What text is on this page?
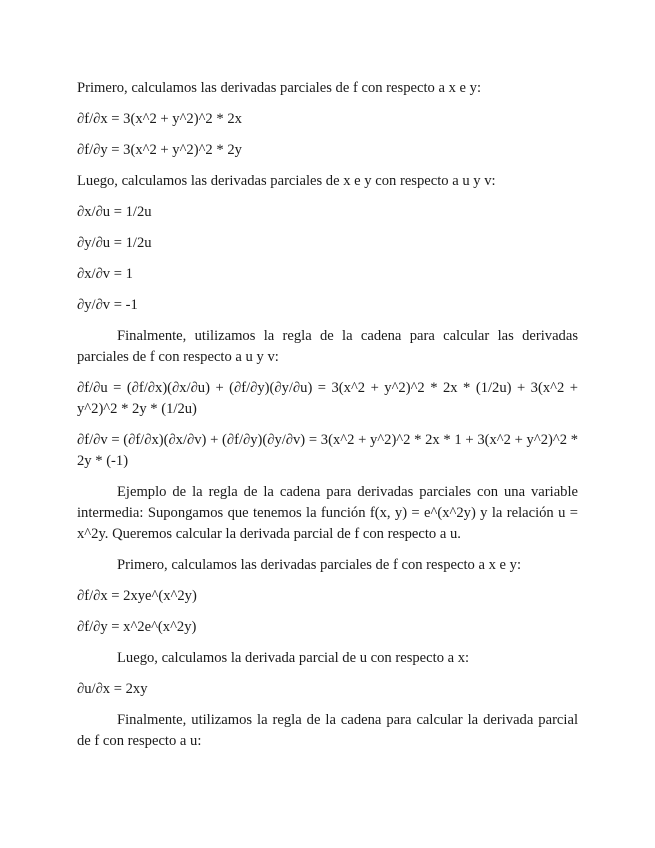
Primero, calculamos las derivadas parciales de f con respecto a x e y:

∂f/∂x = 3(x^2 + y^2)^2 * 2x

∂f/∂y = 3(x^2 + y^2)^2 * 2y

Luego, calculamos las derivadas parciales de x e y con respecto a u y v:

∂x/∂u = 1/2u

∂y/∂u = 1/2u

∂x/∂v = 1

∂y/∂v = -1

Finalmente, utilizamos la regla de la cadena para calcular las derivadas parciales de f con respecto a u y v:

∂f/∂u = (∂f/∂x)(∂x/∂u) + (∂f/∂y)(∂y/∂u) = 3(x^2 + y^2)^2 * 2x * (1/2u) + 3(x^2 + y^2)^2 * 2y * (1/2u)

∂f/∂v = (∂f/∂x)(∂x/∂v) + (∂f/∂y)(∂y/∂v) = 3(x^2 + y^2)^2 * 2x * 1 + 3(x^2 + y^2)^2 * 2y * (-1)

Ejemplo de la regla de la cadena para derivadas parciales con una variable intermedia: Supongamos que tenemos la función f(x, y) = e^(x^2y) y la relación u = x^2y. Queremos calcular la derivada parcial de f con respecto a u.

Primero, calculamos las derivadas parciales de f con respecto a x e y:

∂f/∂x = 2xye^(x^2y)

∂f/∂y = x^2e^(x^2y)

Luego, calculamos la derivada parcial de u con respecto a x:

∂u/∂x = 2xy

Finalmente, utilizamos la regla de la cadena para calcular la derivada parcial de f con respecto a u:
